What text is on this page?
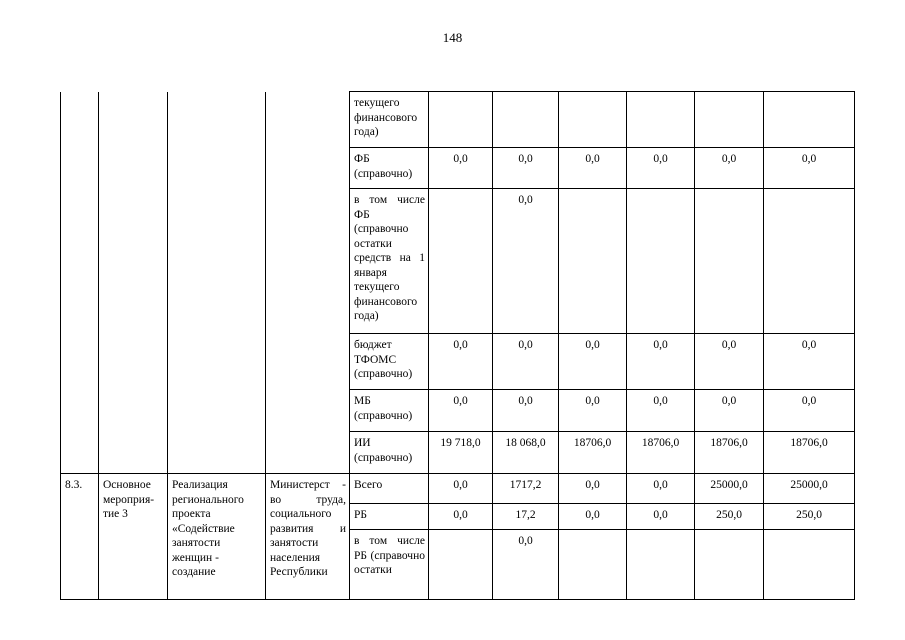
148
				текущего финансового года)						
				ФБ (справочно)	0,0	0,0	0,0	0,0	0,0	0,0
				в том числе ФБ (справочно остатки средств на 1 января текущего финансового года)		0,0				
				бюджет ТФОМС (справочно)	0,0	0,0	0,0	0,0	0,0	0,0
				МБ (справочно)	0,0	0,0	0,0	0,0	0,0	0,0
				ИИ (справочно)	19 718,0	18 068,0	18706,0	18706,0	18706,0	18706,0
8.3.	Основное мероприя-тие 3	Реализация регионального проекта «Содействие занятости женщин - создание	Министерст - во труда, социального развития и занятости населения Республики	Всего	0,0	1717,2	0,0	0,0	25000,0	25000,0
				РБ	0,0	17,2	0,0	0,0	250,0	250,0
				в том числе РБ (справочно остатки		0,0				
